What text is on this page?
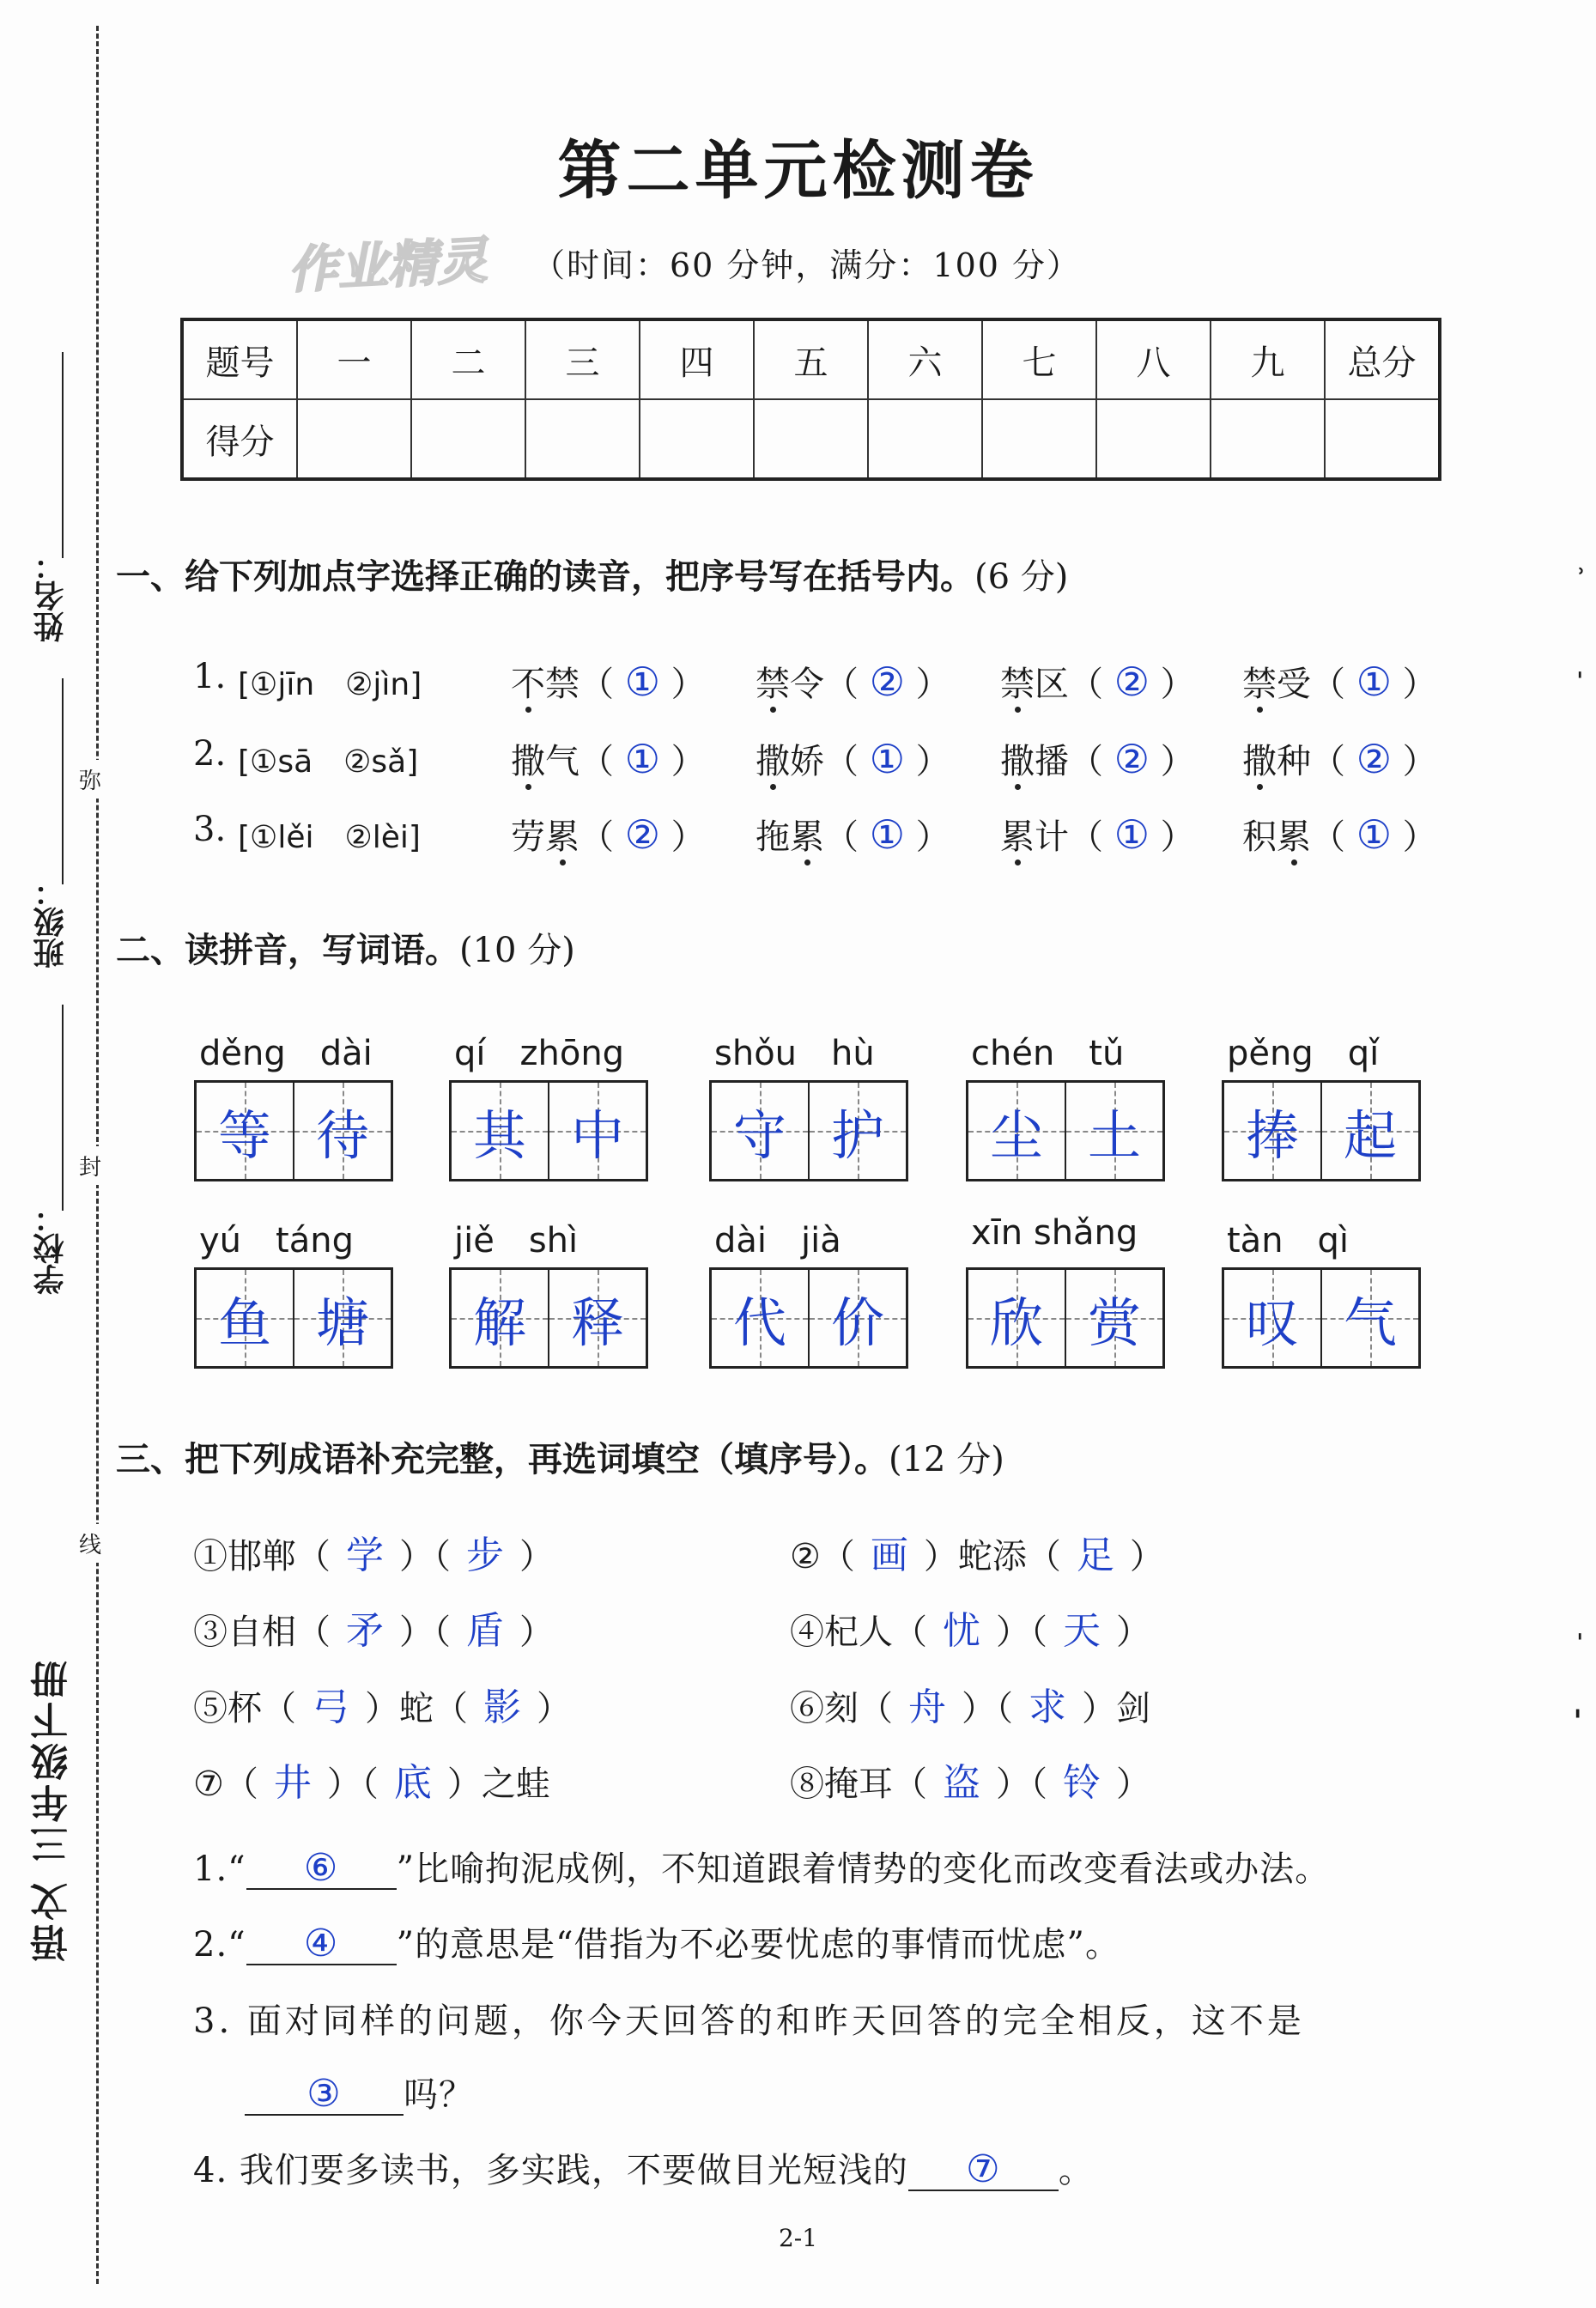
姓名：
班级：
学校：
弥
封
线
语文 三年级下册
˒
ˌ
ˌ
ˌ
第二单元检测卷
作业精灵 （时间：60 分钟，满分：100 分）
题号	一	二	三	四	五	六	七	八	九	总分
得分										
一、给下列加点字选择正确的读音，把序号写在括号内。(6 分)
1. [①jīn　②jìn]	不禁（ ① ） 禁令（ ② ） 禁区（ ② ） 禁受（ ① ）
2. [①sā　②sǎ]	撒气（ ① ） 撒娇（ ① ） 撒播（ ② ） 撒种（ ② ）
3. [①lěi　②lèi]	劳累（ ② ） 拖累（ ① ） 累计（ ① ） 积累（ ① ）
二、读拼音，写词语。(10 分)
děng　dài
等 待
qí　zhōng
其 中
shǒu　hù
守 护
chén　tǔ
尘 土
pěng　qǐ
捧 起
yú　táng
鱼 塘
jiě　shì
解 释
dài　jià
代 价
xīn shǎng
欣 赏
tàn　qì
叹 气
三、把下列成语补充完整，再选词填空（填序号）。(12 分)
①邯郸（ 学 ）（ 步 ）	②（ 画 ）蛇添（ 足 ）
③自相（ 矛 ）（ 盾 ）	④杞人（ 忧 ）（ 天 ）
⑤杯（ 弓 ）蛇（ 影 ）	⑥刻（ 舟 ）（ 求 ）剑
⑦（ 井 ）（ 底 ）之蛙	⑧掩耳（ 盗 ）（ 铃 ）
1.“ ⑥ ”比喻拘泥成例，不知道跟着情势的变化而改变看法或办法。
2.“ ④ ”的意思是“借指为不必要忧虑的事情而忧虑”。
3. 面对同样的问题，你今天回答的和昨天回答的完全相反，这不是
③ 吗？
4. 我们要多读书，多实践，不要做目光短浅的 ⑦ 。
2-1
